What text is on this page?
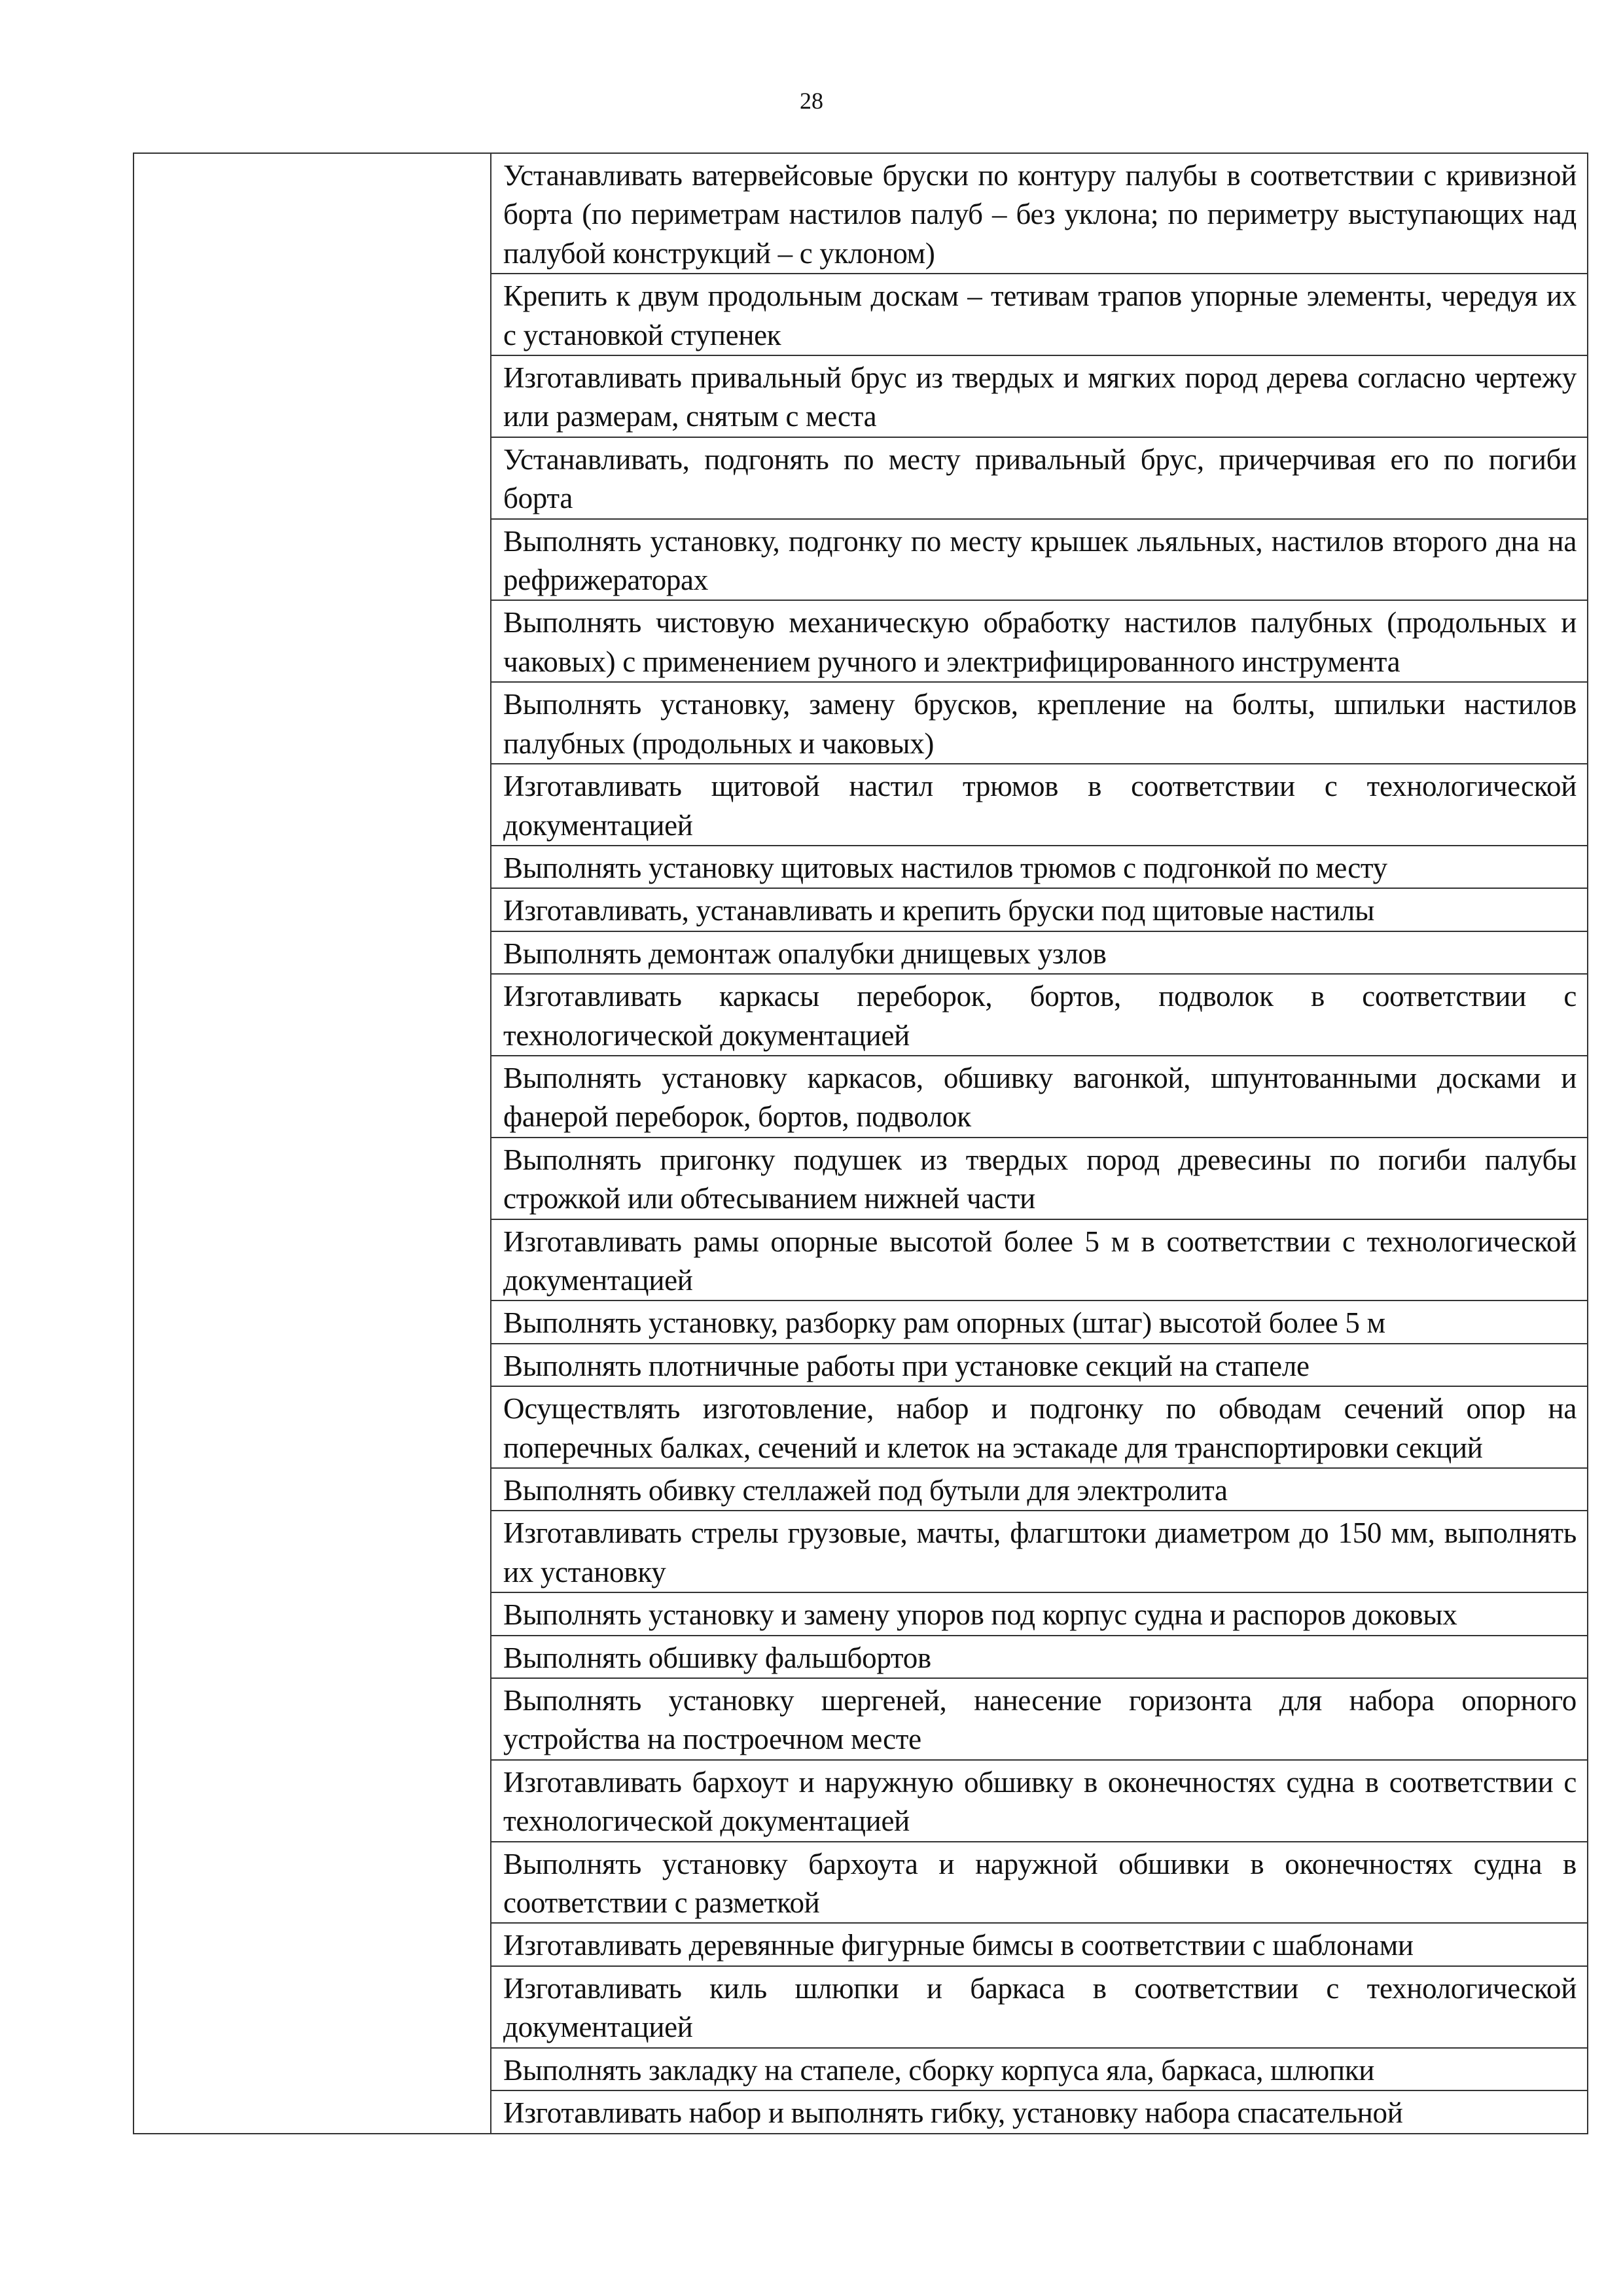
28

Устанавливать ватервейсовые бруски по контуру палубы в соответствии с кривизной борта (по периметрам настилов палуб – без уклона; по периметру выступающих над палубой конструкций – с уклоном)

Крепить к двум продольным доскам – тетивам трапов упорные элементы, чередуя их с установкой ступенек

Изготавливать привальный брус из твердых и мягких пород дерева согласно чертежу или размерам, снятым с места

Устанавливать, подгонять по месту привальный брус, причерчивая его по погиби борта

Выполнять установку, подгонку по месту крышек льяльных, настилов второго дна на рефрижераторах

Выполнять чистовую механическую обработку настилов палубных (продольных и чаковых) с применением ручного и электрифицированного инструмента

Выполнять установку, замену брусков, крепление на болты, шпильки настилов палубных (продольных и чаковых)

Изготавливать щитовой настил трюмов в соответствии с технологической документацией

Выполнять установку щитовых настилов трюмов с подгонкой по месту

Изготавливать, устанавливать и крепить бруски под щитовые настилы

Выполнять демонтаж опалубки днищевых узлов

Изготавливать каркасы переборок, бортов, подволок в соответствии с технологической документацией

Выполнять установку каркасов, обшивку вагонкой, шпунтованными досками и фанерой переборок, бортов, подволок

Выполнять пригонку подушек из твердых пород древесины по погиби палубы строжкой или обтесыванием нижней части

Изготавливать рамы опорные высотой более 5 м в соответствии с технологической документацией

Выполнять установку, разборку рам опорных (штаг) высотой более 5 м

Выполнять плотничные работы при установке секций на стапеле

Осуществлять изготовление, набор и подгонку по обводам сечений опор на поперечных балках, сечений и клеток на эстакаде для транспортировки секций

Выполнять обивку стеллажей под бутыли для электролита

Изготавливать стрелы грузовые, мачты, флагштоки диаметром до 150 мм, выполнять их установку

Выполнять установку и замену упоров под корпус судна и распоров доковых

Выполнять обшивку фальшбортов

Выполнять установку шергеней, нанесение горизонта для набора опорного устройства на построечном месте

Изготавливать бархоут и наружную обшивку в оконечностях судна в соответствии с технологической документацией

Выполнять установку бархоута и наружной обшивки в оконечностях судна в соответствии с разметкой

Изготавливать деревянные фигурные бимсы в соответствии с шаблонами

Изготавливать киль шлюпки и баркаса в соответствии с технологической документацией

Выполнять закладку на стапеле, сборку корпуса яла, баркаса, шлюпки

Изготавливать набор и выполнять гибку, установку набора спасательной
